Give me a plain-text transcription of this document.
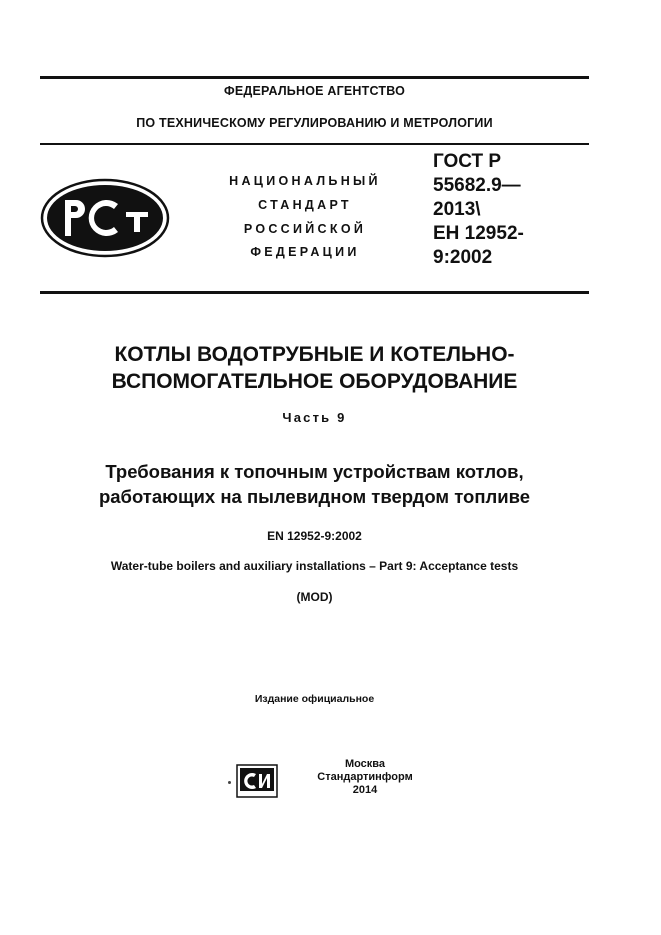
ФЕДЕРАЛЬНОЕ АГЕНТСТВО
ПО ТЕХНИЧЕСКОМУ РЕГУЛИРОВАНИЮ И МЕТРОЛОГИИ
НАЦИОНАЛЬНЫЙ
СТАНДАРТ
РОССИЙСКОЙ
ФЕДЕРАЦИИ
ГОСТ Р
55682.9—
2013\
ЕН 12952-
9:2002
КОТЛЫ ВОДОТРУБНЫЕ И КОТЕЛЬНО-
ВСПОМОГАТЕЛЬНОЕ ОБОРУДОВАНИЕ
Часть 9
Требования к топочным устройствам котлов,
работающих на пылевидном твердом топливе
EN 12952-9:2002
Water-tube boilers and auxiliary installations – Part 9: Acceptance tests
(MOD)
Издание официальное
Москва
Стандартинформ
2014
